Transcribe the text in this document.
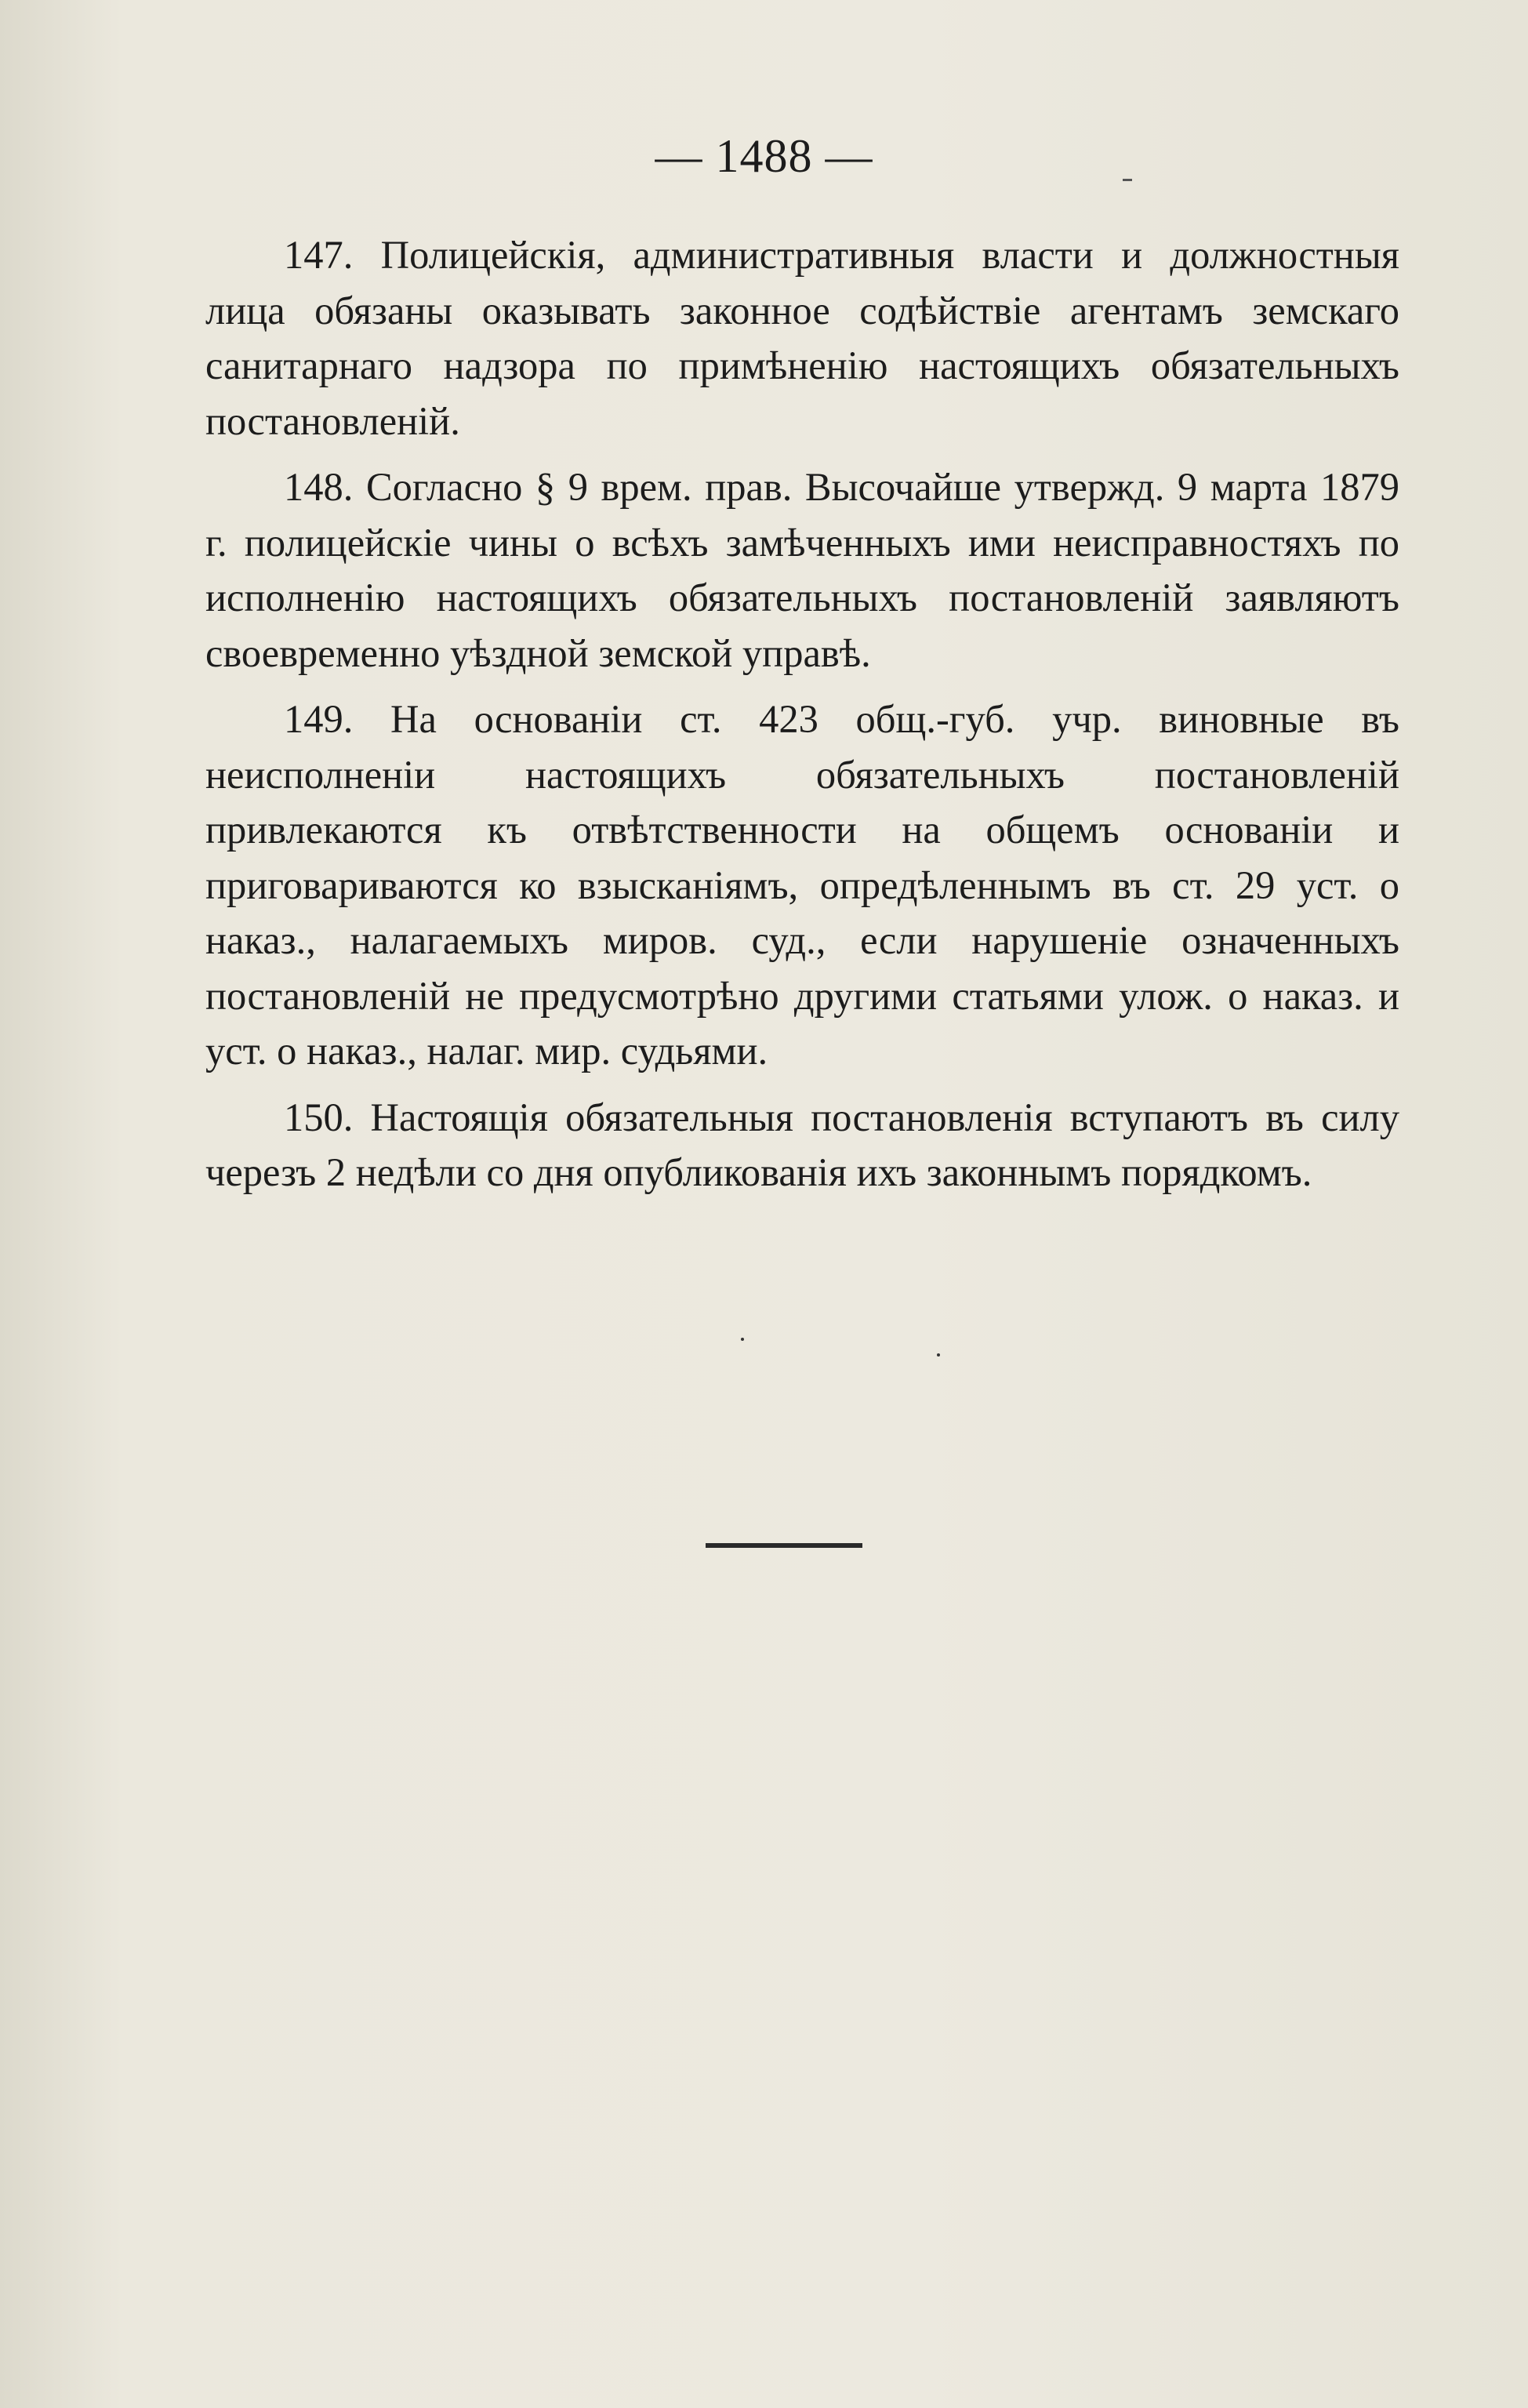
— 1488 —

147. Полицейскія, административныя власти и должностныя лица обязаны оказывать законное содѣйствіе агентамъ земскаго санитарнаго надзора по примѣненію настоящихъ обязательныхъ постановленій.

148. Согласно § 9 врем. прав. Высочайше утвержд. 9 марта 1879 г. полицейскіе чины о всѣхъ замѣченныхъ ими неисправностяхъ по исполненію настоящихъ обязательныхъ постановленій заявляютъ своевременно уѣздной земской управѣ.

149. На основаніи ст. 423 общ.-губ. учр. виновные въ неисполненіи настоящихъ обязательныхъ постановленій привлекаются къ отвѣтственности на общемъ основаніи и приговариваются ко взысканіямъ, опредѣленнымъ въ ст. 29 уст. о наказ., налагаемыхъ миров. суд., если нарушеніе означенныхъ постановленій не предусмотрѣно другими статьями улож. о наказ. и уст. о наказ., налаг. мир. судьями.

150. Настоящія обязательныя постановленія вступаютъ въ силу черезъ 2 недѣли со дня опубликованія ихъ законнымъ порядкомъ.
